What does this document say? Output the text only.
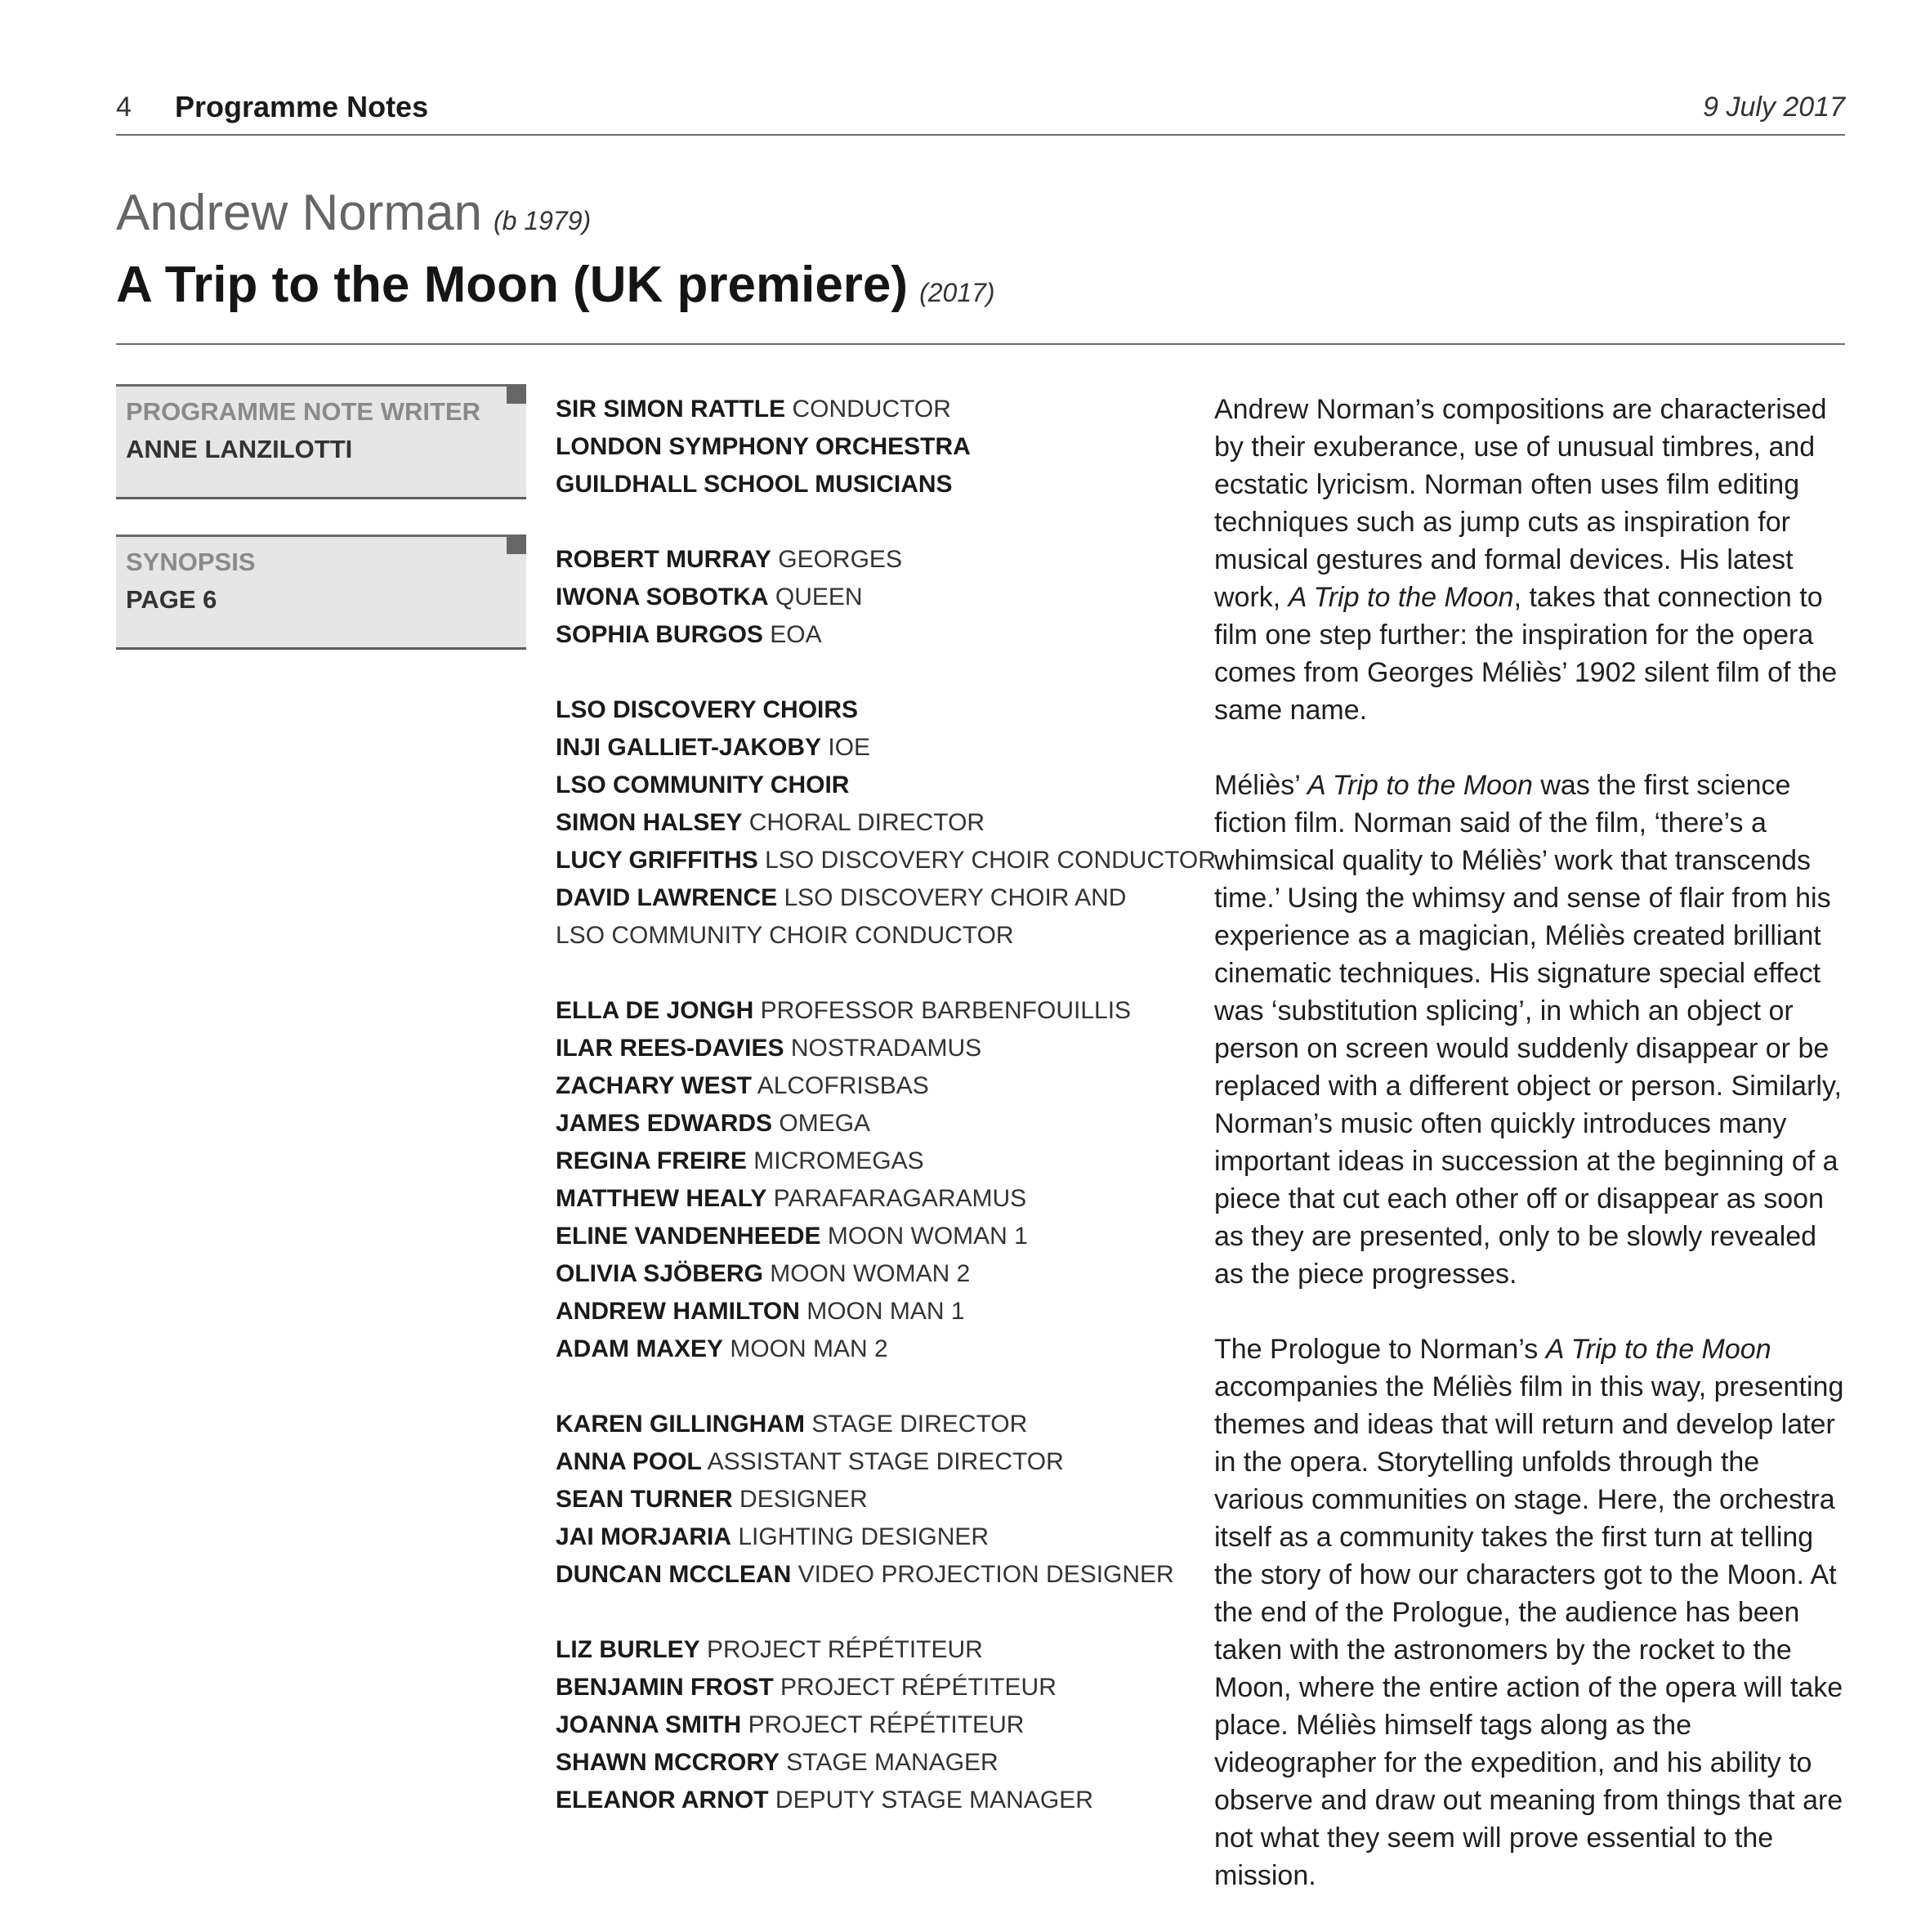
4 Programme Notes	9 July 2017
Andrew Norman (b 1979)
A Trip to the Moon (UK premiere) (2017)
PROGRAMME NOTE WRITER
ANNE LANZILOTTI
SYNOPSIS
PAGE 6
SIR SIMON RATTLE CONDUCTOR
LONDON SYMPHONY ORCHESTRA
GUILDHALL SCHOOL MUSICIANS
ROBERT MURRAY GEORGES
IWONA SOBOTKA QUEEN
SOPHIA BURGOS EOA
LSO DISCOVERY CHOIRS
INJI GALLIET-JAKOBY IOE
LSO COMMUNITY CHOIR
SIMON HALSEY CHORAL DIRECTOR
LUCY GRIFFITHS LSO DISCOVERY CHOIR CONDUCTOR
DAVID LAWRENCE LSO DISCOVERY CHOIR AND
LSO COMMUNITY CHOIR CONDUCTOR
ELLA DE JONGH PROFESSOR BARBENFOUILLIS
ILAR REES-DAVIES NOSTRADAMUS
ZACHARY WEST ALCOFRISBAS
JAMES EDWARDS OMEGA
REGINA FREIRE MICROMEGAS
MATTHEW HEALY PARAFARAGARAMUS
ELINE VANDENHEEDE MOON WOMAN 1
OLIVIA SJÖBERG MOON WOMAN 2
ANDREW HAMILTON MOON MAN 1
ADAM MAXEY MOON MAN 2
KAREN GILLINGHAM STAGE DIRECTOR
ANNA POOL ASSISTANT STAGE DIRECTOR
SEAN TURNER DESIGNER
JAI MORJARIA LIGHTING DESIGNER
DUNCAN MCCLEAN VIDEO PROJECTION DESIGNER
LIZ BURLEY PROJECT RÉPÉTITEUR
BENJAMIN FROST PROJECT RÉPÉTITEUR
JOANNA SMITH PROJECT RÉPÉTITEUR
SHAWN MCCRORY STAGE MANAGER
ELEANOR ARNOT DEPUTY STAGE MANAGER

Andrew Norman’s compositions are characterised by their exuberance, use of unusual timbres, and ecstatic lyricism. Norman often uses film editing techniques such as jump cuts as inspiration for musical gestures and formal devices. His latest work, A Trip to the Moon, takes that connection to film one step further: the inspiration for the opera comes from Georges Méliès’ 1902 silent film of the same name.

Méliès’ A Trip to the Moon was the first science fiction film. Norman said of the film, ‘there’s a whimsical quality to Méliès’ work that transcends time.’ Using the whimsy and sense of flair from his experience as a magician, Méliès created brilliant cinematic techniques. His signature special effect was ‘substitution splicing’, in which an object or person on screen would suddenly disappear or be replaced with a different object or person. Similarly, Norman’s music often quickly introduces many important ideas in succession at the beginning of a piece that cut each other off or disappear as soon as they are presented, only to be slowly revealed as the piece progresses.

The Prologue to Norman’s A Trip to the Moon accompanies the Méliès film in this way, presenting themes and ideas that will return and develop later in the opera. Storytelling unfolds through the various communities on stage. Here, the orchestra itself as a community takes the first turn at telling the story of how our characters got to the Moon. At the end of the Prologue, the audience has been taken with the astronomers by the rocket to the Moon, where the entire action of the opera will take place. Méliès himself tags along as the videographer for the expedition, and his ability to observe and draw out meaning from things that are not what they seem will prove essential to the mission.
